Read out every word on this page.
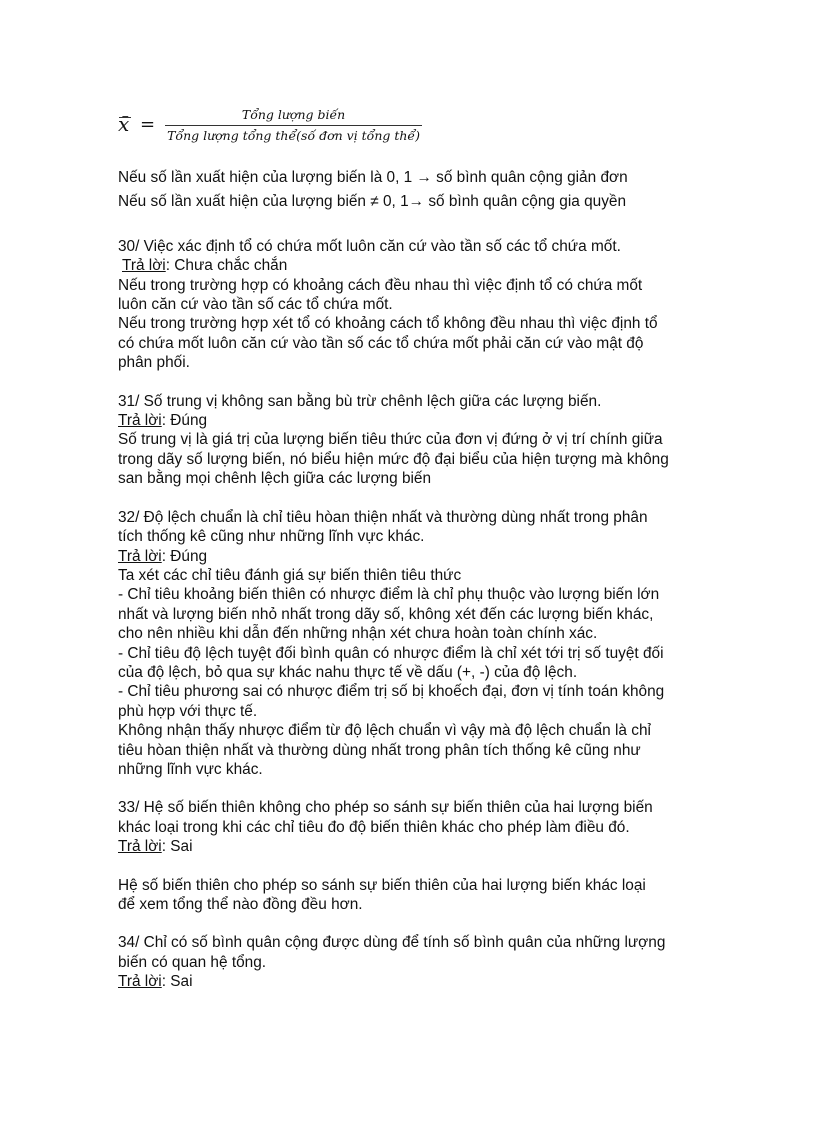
x̄ = $\frac{\text{Tổng lượng biến}}{\text{Tổng lượng tổng thể(số đơn vị tổng thể)}}$
Nếu số lần xuất hiện của lượng biến là 0, 1 → số bình quân cộng giản đơn
Nếu số lần xuất hiện của lượng biến ≠ 0, 1→ số bình quân cộng gia quyền
30/ Việc xác định tổ có chứa mốt luôn căn cứ vào tần số các tổ chứa mốt.
Trả lời: Chưa chắc chắn
Nếu trong trường hợp có khoảng cách đều nhau thì việc định tổ có chứa mốt
luôn căn cứ vào tần số các tổ chứa mốt.
Nếu trong trường hợp xét tổ có khoảng cách tổ không đều nhau thì việc định tổ
có chứa mốt luôn căn cứ vào tần số các tổ chứa mốt phải căn cứ vào mật độ
phân phối.
31/ Số trung vị không san bằng bù trừ chênh lệch giữa các lượng biến.
Trả lời: Đúng
Số trung vị là giá trị của lượng biến tiêu thức của đơn vị đứng ở vị trí chính giữa
trong dãy số lượng biến, nó biểu hiện mức độ đại biểu của hiện tượng mà không
san bằng mọi chênh lệch giữa các lượng biến
32/ Độ lệch chuẩn là chỉ tiêu hòan thiện nhất và thường dùng nhất trong phân
tích thống kê cũng như những lĩnh vực khác.
Trả lời: Đúng
Ta xét các chỉ tiêu đánh giá sự biến thiên tiêu thức
- Chỉ tiêu khoảng biến thiên có nhược điểm là chỉ phụ thuộc vào lượng biến lớn
nhất và lượng biến nhỏ nhất trong dãy số, không xét đến các lượng biến khác,
cho nên nhiều khi dẫn đến những nhận xét chưa hoàn toàn chính xác.
- Chỉ tiêu độ lệch tuyệt đối bình quân có nhược điểm là chỉ xét tới trị số tuyệt đối
của độ lệch, bỏ qua sự khác nahu thực tế về dấu (+, -) của độ lệch.
- Chỉ tiêu phương sai có nhược điểm trị số bị khoếch đại, đơn vị tính toán không
phù hợp với thực tế.
Không nhận thấy nhược điểm từ độ lệch chuẩn vì vậy mà độ lệch chuẩn là chỉ
tiêu hòan thiện nhất và thường dùng nhất trong phân tích thống kê cũng như
những lĩnh vực khác.
33/ Hệ số biến thiên không cho phép so sánh sự biến thiên của hai lượng biến
khác loại trong khi các chỉ tiêu đo độ biến thiên khác cho phép làm điều đó.
Trả lời: Sai
Hệ số biến thiên cho phép so sánh sự biến thiên của hai lượng biến khác loại
để xem tổng thể nào đồng đều hơn.
34/ Chỉ có số bình quân cộng được dùng để tính số bình quân của những lượng
biến có quan hệ tổng.
Trả lời: Sai
